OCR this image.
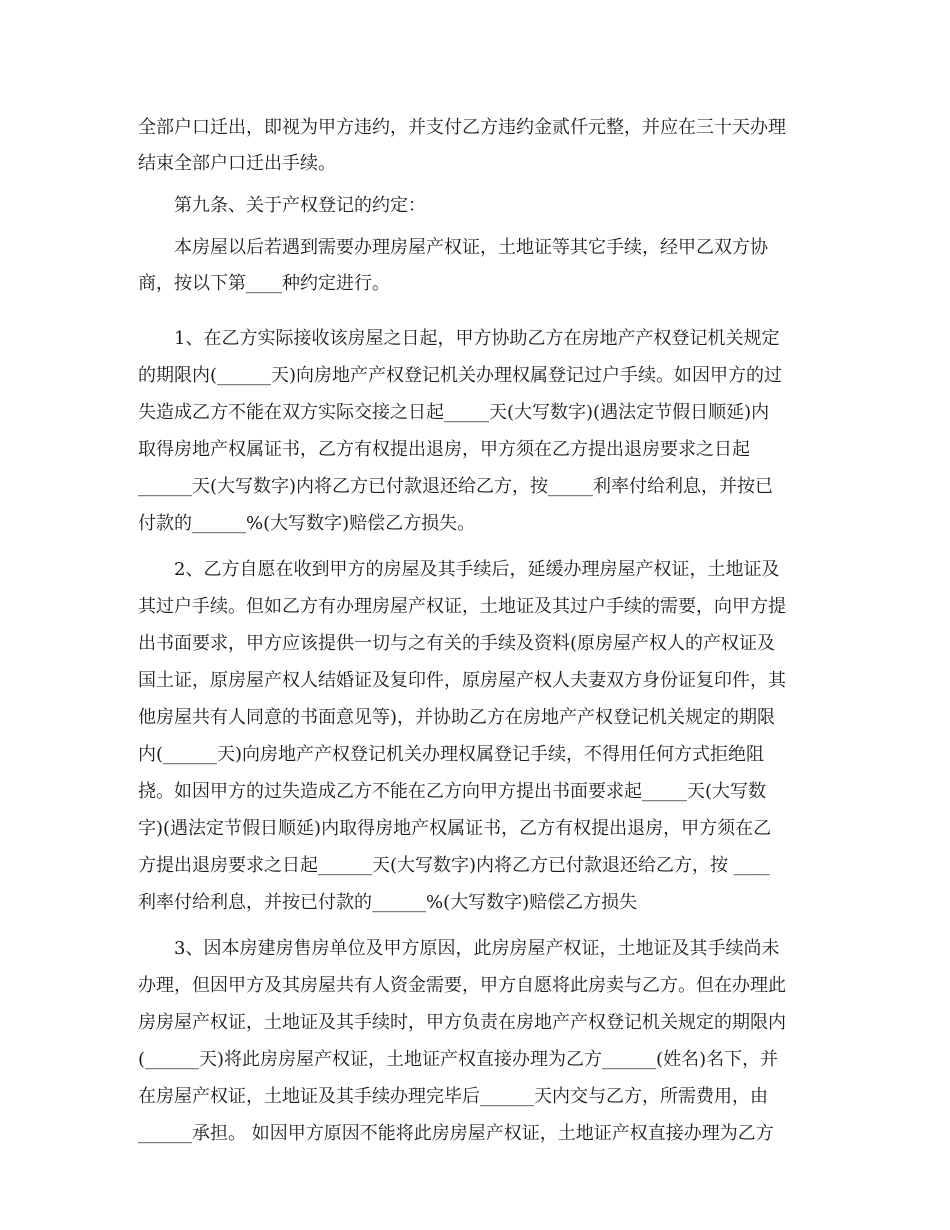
全部户口迁出，即视为甲方违约，并支付乙方违约金贰仟元整，并应在三十天办理
结束全部户口迁出手续。
第九条、关于产权登记的约定：
本房屋以后若遇到需要办理房屋产权证，土地证等其它手续，经甲乙双方协
商，按以下第____种约定进行。
1、在乙方实际接收该房屋之日起，甲方协助乙方在房地产产权登记机关规定
的期限内(______天)向房地产产权登记机关办理权属登记过户手续。如因甲方的过
失造成乙方不能在双方实际交接之日起_____天(大写数字)(遇法定节假日顺延)内
取得房地产权属证书，乙方有权提出退房，甲方须在乙方提出退房要求之日起
______天(大写数字)内将乙方已付款退还给乙方，按_____利率付给利息，并按已
付款的______%(大写数字)赔偿乙方损失。
2、乙方自愿在收到甲方的房屋及其手续后，延缓办理房屋产权证，土地证及
其过户手续。但如乙方有办理房屋产权证，土地证及其过户手续的需要，向甲方提
出书面要求，甲方应该提供一切与之有关的手续及资料(原房屋产权人的产权证及
国土证，原房屋产权人结婚证及复印件，原房屋产权人夫妻双方身份证复印件，其
他房屋共有人同意的书面意见等)，并协助乙方在房地产产权登记机关规定的期限
内(______天)向房地产产权登记机关办理权属登记手续，不得用任何方式拒绝阻
挠。如因甲方的过失造成乙方不能在乙方向甲方提出书面要求起_____天(大写数
字)(遇法定节假日顺延)内取得房地产权属证书，乙方有权提出退房，甲方须在乙
方提出退房要求之日起______天(大写数字)内将乙方已付款退还给乙方，按 ____
利率付给利息，并按已付款的______%(大写数字)赔偿乙方损失
3、因本房建房售房单位及甲方原因，此房房屋产权证，土地证及其手续尚未
办理，但因甲方及其房屋共有人资金需要，甲方自愿将此房卖与乙方。但在办理此
房房屋产权证，土地证及其手续时，甲方负责在房地产产权登记机关规定的期限内
(______天)将此房房屋产权证，土地证产权直接办理为乙方______(姓名)名下，并
在房屋产权证，土地证及其手续办理完毕后______天内交与乙方，所需费用，由
______承担。 如因甲方原因不能将此房房屋产权证，土地证产权直接办理为乙方
